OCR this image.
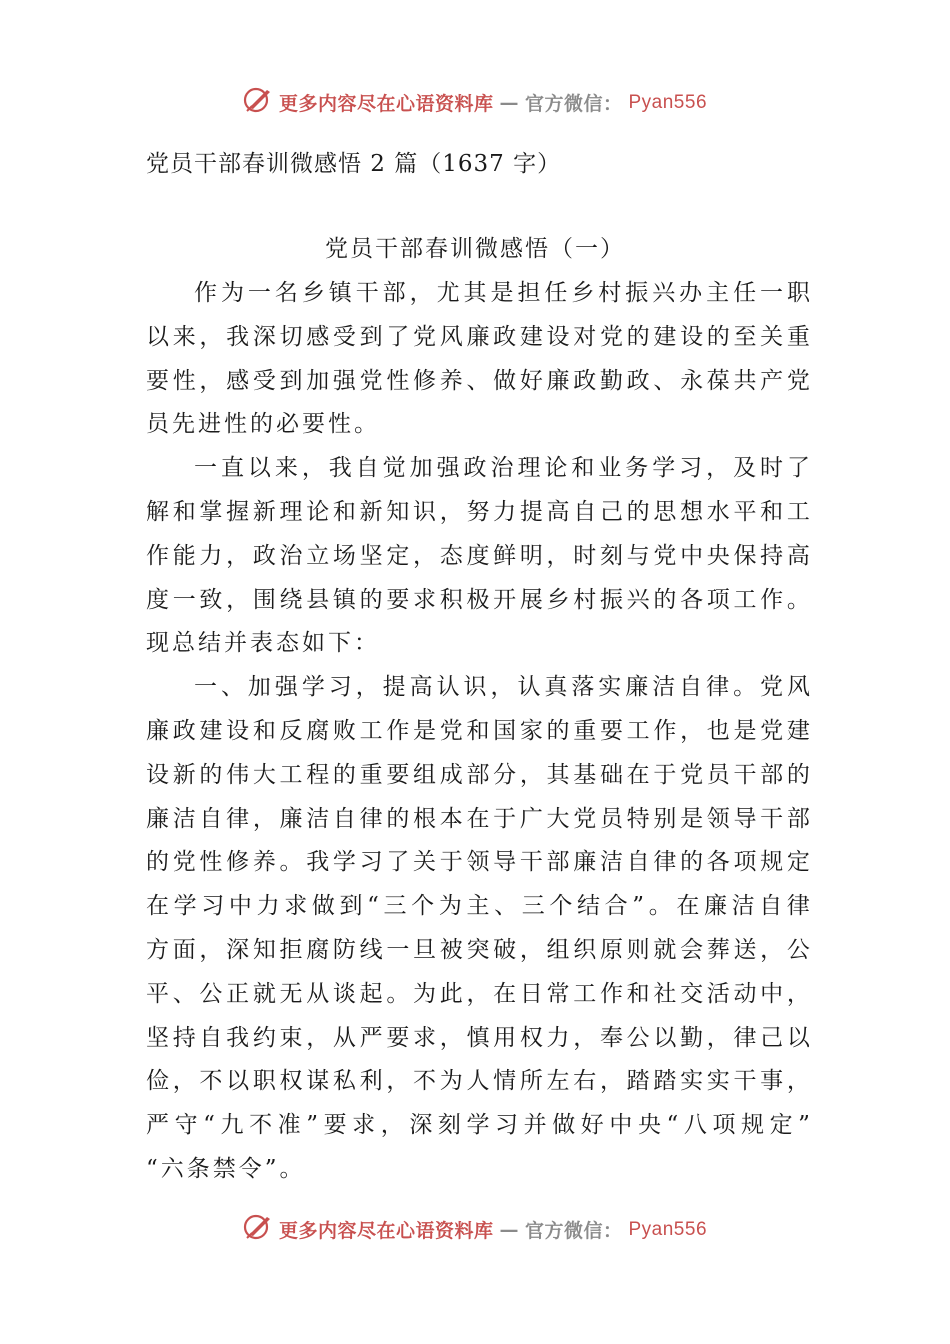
更多内容尽在心语资料库 — 官方微信： Pyan556
党员干部春训微感悟 2 篇（1637 字）
党员干部春训微感悟（一）
作 为 一 名 乡 镇 干 部 ， 尤 其 是 担 任 乡 村 振 兴 办 主 任 一 职
以 来 ， 我 深 切 感 受 到 了 党 风 廉 政 建 设 对 党 的 建 设 的 至 关 重
要 性 ， 感 受 到 加 强 党 性 修 养 、 做 好 廉 政 勤 政 、 永 葆 共 产 党
员先进性的必要性。
一 直 以 来 ， 我 自 觉 加 强 政 治 理 论 和 业 务 学 习 ， 及 时 了
解 和 掌 握 新 理 论 和 新 知 识 ， 努 力 提 高 自 己 的 思 想 水 平 和 工
作 能 力 ， 政 治 立 场 坚 定 ， 态 度 鲜 明 ， 时 刻 与 党 中 央 保 持 高
度 一 致 ， 围 绕 县 镇 的 要 求 积 极 开 展 乡 村 振 兴 的 各 项 工 作 。
现总结并表态如下：
一 、 加 强 学 习 ， 提 高 认 识 ， 认 真 落 实 廉 洁 自 律 。 党 风
廉 政 建 设 和 反 腐 败 工 作 是 党 和 国 家 的 重 要 工 作 ， 也 是 党 建
设 新 的 伟 大 工 程 的 重 要 组 成 部 分 ， 其 基 础 在 于 党 员 干 部 的
廉 洁 自 律 ， 廉 洁 自 律 的 根 本 在 于 广 大 党 员 特 别 是 领 导 干 部
的 党 性 修 养 。 我 学 习 了 关 于 领 导 干 部 廉 洁 自 律 的 各 项 规 定
在 学 习 中 力 求 做 到 “ 三 个 为 主 、 三 个 结 合 ” 。 在 廉 洁 自 律
方 面 ， 深 知 拒 腐 防 线 一 旦 被 突 破 ， 组 织 原 则 就 会 葬 送 ， 公
平 、 公 正 就 无 从 谈 起 。 为 此 ， 在 日 常 工 作 和 社 交 活 动 中 ，
坚 持 自 我 约 束 ， 从 严 要 求 ， 慎 用 权 力 ， 奉 公 以 勤 ， 律 己 以
俭 ， 不 以 职 权 谋 私 利 ， 不 为 人 情 所 左 右 ， 踏 踏 实 实 干 事 ，
严 守 “ 九 不 准 ” 要 求 ， 深 刻 学 习 并 做 好 中 央 “ 八 项 规 定 ”
“六条禁令”。
更多内容尽在心语资料库 — 官方微信： Pyan556
